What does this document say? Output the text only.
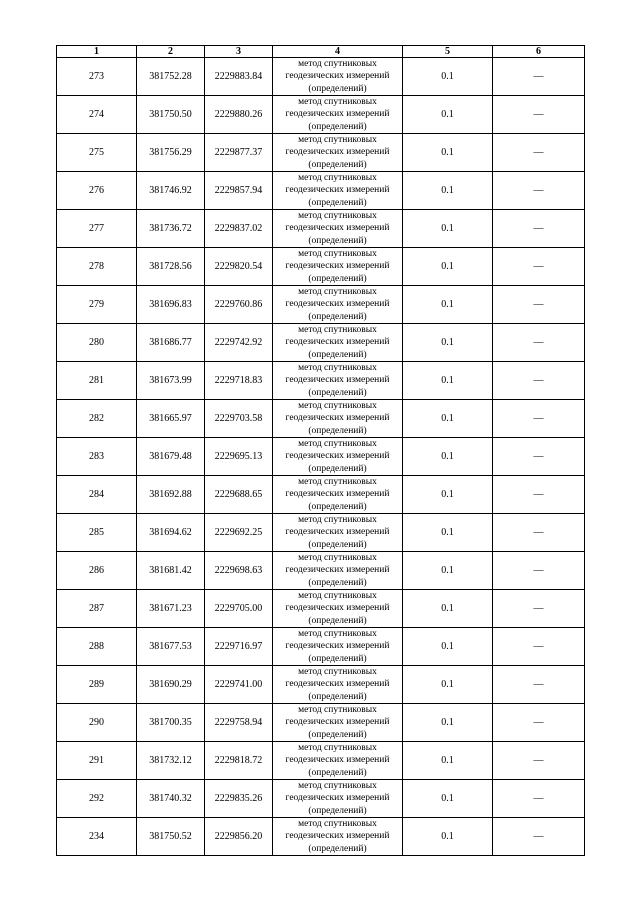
1	2	3	4	5	6
273	381752.28	2229883.84	метод спутниковых
геодезических измерений
(определений)	0.1	—
274	381750.50	2229880.26	метод спутниковых
геодезических измерений
(определений)	0.1	—
275	381756.29	2229877.37	метод спутниковых
геодезических измерений
(определений)	0.1	—
276	381746.92	2229857.94	метод спутниковых
геодезических измерений
(определений)	0.1	—
277	381736.72	2229837.02	метод спутниковых
геодезических измерений
(определений)	0.1	—
278	381728.56	2229820.54	метод спутниковых
геодезических измерений
(определений)	0.1	—
279	381696.83	2229760.86	метод спутниковых
геодезических измерений
(определений)	0.1	—
280	381686.77	2229742.92	метод спутниковых
геодезических измерений
(определений)	0.1	—
281	381673.99	2229718.83	метод спутниковых
геодезических измерений
(определений)	0.1	—
282	381665.97	2229703.58	метод спутниковых
геодезических измерений
(определений)	0.1	—
283	381679.48	2229695.13	метод спутниковых
геодезических измерений
(определений)	0.1	—
284	381692.88	2229688.65	метод спутниковых
геодезических измерений
(определений)	0.1	—
285	381694.62	2229692.25	метод спутниковых
геодезических измерений
(определений)	0.1	—
286	381681.42	2229698.63	метод спутниковых
геодезических измерений
(определений)	0.1	—
287	381671.23	2229705.00	метод спутниковых
геодезических измерений
(определений)	0.1	—
288	381677.53	2229716.97	метод спутниковых
геодезических измерений
(определений)	0.1	—
289	381690.29	2229741.00	метод спутниковых
геодезических измерений
(определений)	0.1	—
290	381700.35	2229758.94	метод спутниковых
геодезических измерений
(определений)	0.1	—
291	381732.12	2229818.72	метод спутниковых
геодезических измерений
(определений)	0.1	—
292	381740.32	2229835.26	метод спутниковых
геодезических измерений
(определений)	0.1	—
234	381750.52	2229856.20	метод спутниковых
геодезических измерений
(определений)	0.1	—
